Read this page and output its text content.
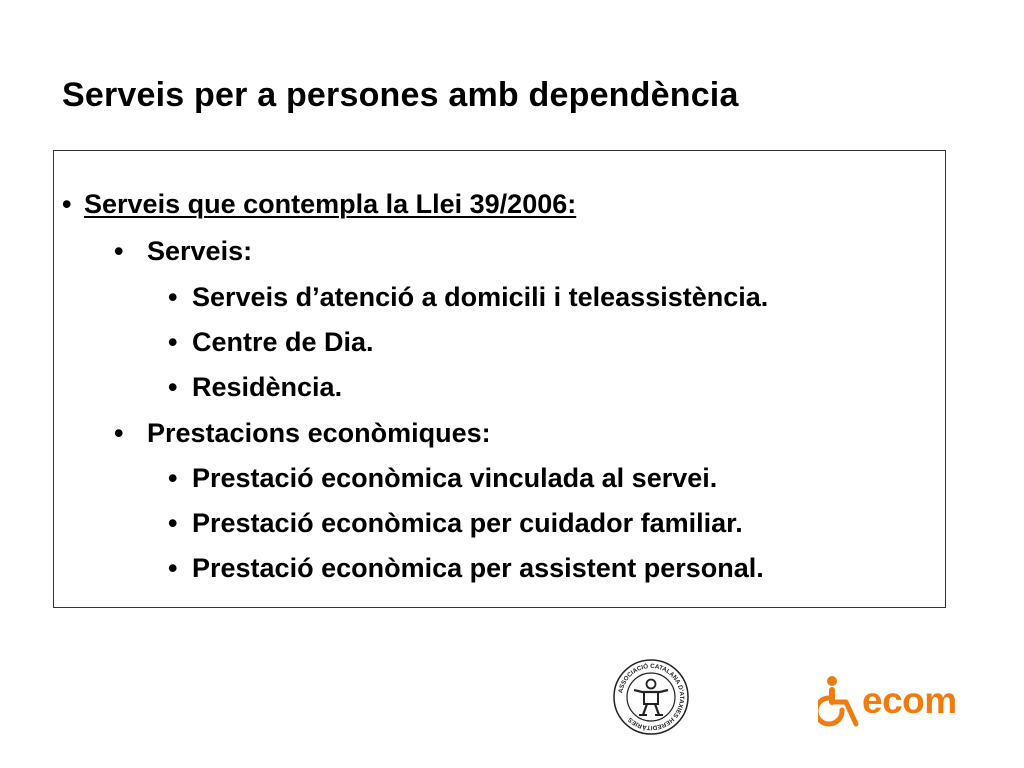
Serveis per a persones amb dependència
• Serveis que contempla la Llei 39/2006:
• Serveis:
• Serveis d’atenció a domicili i teleassistència.
• Centre de Dia.
• Residència.
• Prestacions econòmiques:
• Prestació econòmica vinculada al servei.
• Prestació econòmica per cuidador familiar.
• Prestació econòmica per assistent personal.
ASSOCIACIÓ CATALANA D'ATAXIES HEREDITÀRIES	ecom
